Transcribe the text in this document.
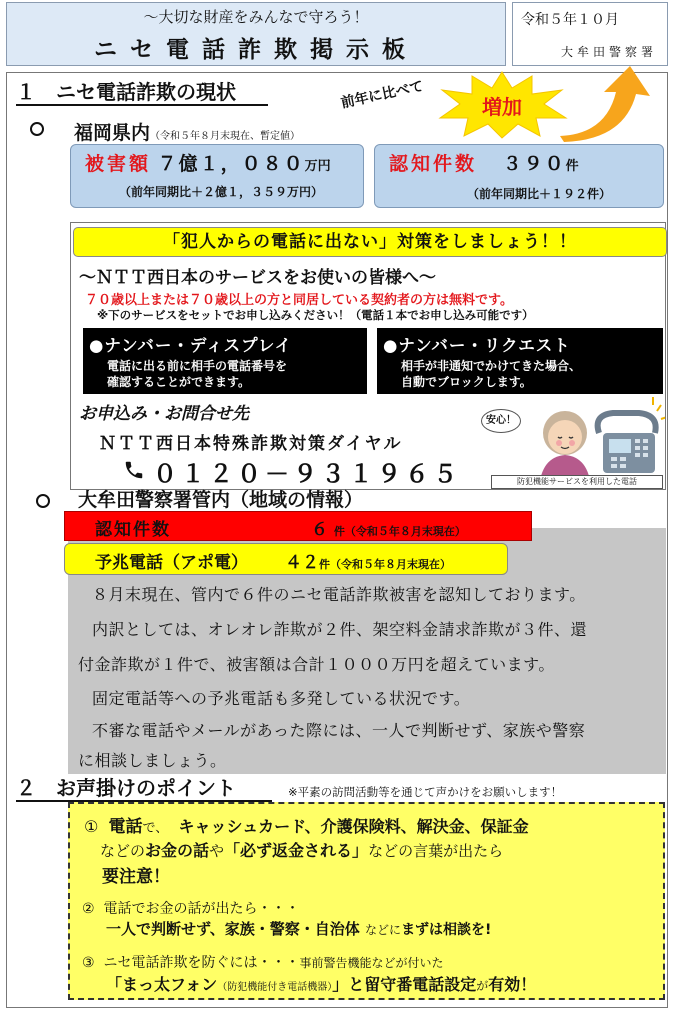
～大切な財産をみんなで守ろう！
ニセ電話詐欺掲示板
令和５年１０月
大牟田警察署
１　ニセ電話詐欺の現状	前年に比べて	増加
福岡県内（令和５年８月末現在、暫定値）
被害額 ７億１，０８０万円
（前年同期比＋２億１，３５９万円）
認知件数　 ３９０件
（前年同期比＋１９２件）
「犯人からの電話に出ない」対策をしましょう！！
～ＮＴＴ西日本のサービスをお使いの皆様へ～
７０歳以上または７０歳以上の方と同居している契約者の方は無料です。
※下のサービスをセットでお申し込みください！（電話１本でお申し込み可能です）
●ナンバー・ディスプレイ
電話に出る前に相手の電話番号を
確認することができます。
●ナンバー・リクエスト
相手が非通知でかけてきた場合、
自動でブロックします。
お申込み・お問合せ先
ＮＴＴ西日本特殊詐欺対策ダイヤル
０１２０－９３１９６５
安心！
防犯機能サービスを利用した電話
大牟田警察署管内（地域の情報）
認知件数	６ 件（令和５年８月末現在）
予兆電話（アポ電） ４２件（令和５年８月末現在）
８月末現在、管内で６件のニセ電話詐欺被害を認知しております。
内訳としては、オレオレ詐欺が２件、架空料金請求詐欺が３件、還
付金詐欺が１件で、被害額は合計１０００万円を超えています。
固定電話等への予兆電話も多発している状況です。
不審な電話やメールがあった際には、一人で判断せず、家族や警察
に相談しましょう。
２　お声掛けのポイント	※平素の訪問活動等を通じて声かけをお願いします！
① 電話で、 キャッシュカード、介護保険料、解決金、保証金
などのお金の話や「必ず返金される」などの言葉が出たら
要注意！
② 電話でお金の話が出たら・・・
一人で判断せず、家族・警察・自治体 などにまずは相談を!
③ ニセ電話詐欺を防ぐには・・・事前警告機能などが付いた
「まっ太フォン（防犯機能付き電話機器）」と留守番電話設定が有効！
